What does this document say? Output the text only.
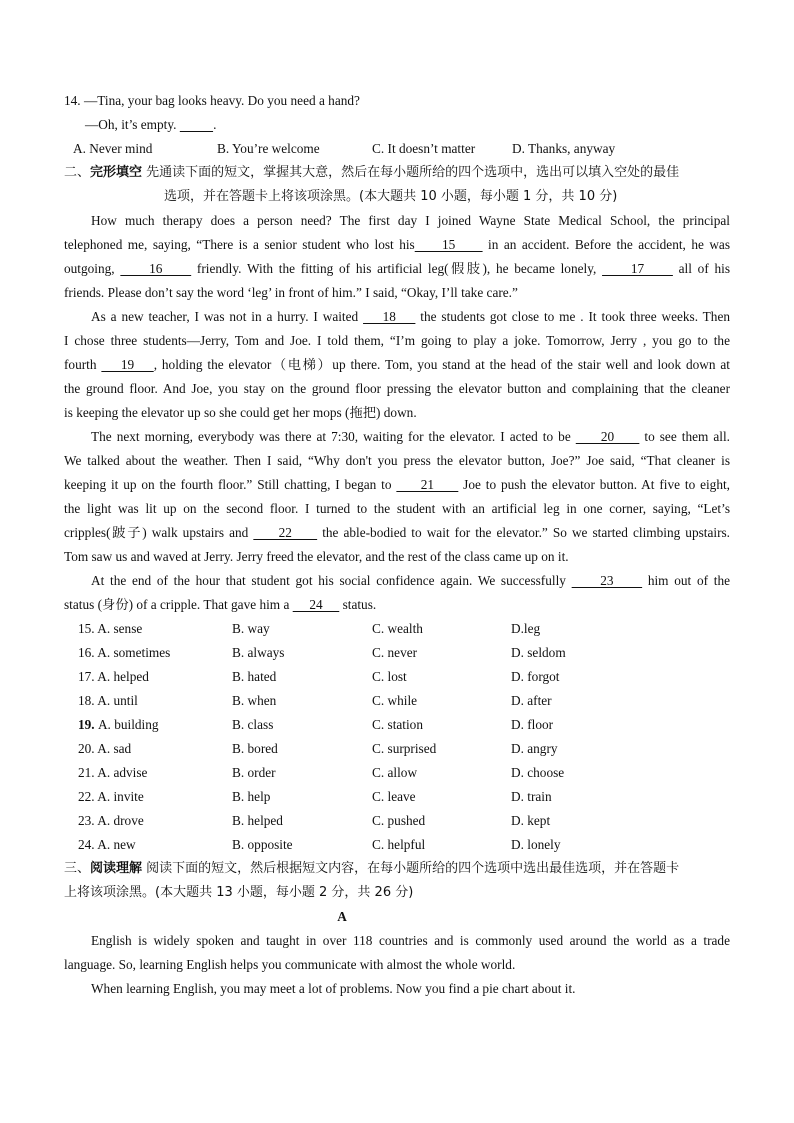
14. —Tina, your bag looks heavy. Do you need a hand?
—Oh, it’s empty.	.
A. Never mind	B. You’re welcome	C. It doesn’t matter	D. Thanks, anyway
二、完形填空 先通读下面的短文，掌握其大意，然后在每小题所给的四个选项中，选出可以填入空处的最佳
选项，并在答题卡上将该项涂黑。(本大题共 10 小题，每小题 1 分，共 10 分)
How much therapy does a person need? The first day I joined Wayne State Medical School, the principal
telephoned me, saying, “There is a senior student who lost his     15      in an accident. Before the accident, he was
outgoing,      16      friendly. With the fitting of his artificial leg(假肢), he became lonely,      17      all of his
friends. Please don’t say the word ‘leg’ in front of him.” I said, “Okay, I’ll take care.”
As a new teacher, I was not in a hurry. I waited     18     the students got close to me . It took three weeks. Then
I chose three students—Jerry, Tom and Joe. I told them, “I’m going to play a joke. Tomorrow, Jerry , you go to the
fourth     19    , holding the elevator（电梯）up there. Tom, you stand at the head of the stair well and look down at
the ground floor. And Joe, you stay on the ground floor pressing the elevator button and complaining that the cleaner
is keeping the elevator up so she could get her mops (拖把) down.
The next morning, everybody was there at 7:30, waiting for the elevator. I acted to be      20      to see them all.
We talked about the weather. Then I said, “Why don't you press the elevator button, Joe?” Joe said, “That cleaner is
keeping it up on the fourth floor.” Still chatting, I began to      21      Joe to push the elevator button. At five to eight,
the light was lit up on the second floor. I turned to the student with an artificial leg in one corner, saying, “Let’s
cripples(跛子) walk upstairs and      22      the able-bodied to wait for the elevator.” So we started climbing upstairs.
Tom saw us and waved at Jerry. Jerry freed the elevator, and the rest of the class came up on it.
At the end of the hour that student got his social confidence again. We successfully      23      him out of the
status (身份) of a cripple. That gave him a      24      status.
15. A. sense	B. way	C. wealth	D.leg
16. A. sometimes	B. always	C. never	D. seldom
17. A. helped	B. hated	C. lost	D. forgot
18. A. until	B. when	C. while	D. after
19. A. building	B. class	C. station	D. floor
20. A. sad	B. bored	C. surprised	D. angry
21. A. advise	B. order	C. allow	D. choose
22. A. invite	B. help	C. leave	D. train
23. A. drove	B. helped	C. pushed	D. kept
24. A. new	B. opposite	C. helpful	D. lonely
三、阅读理解 阅读下面的短文，然后根据短文内容，在每小题所给的四个选项中选出最佳选项，并在答题卡
上将该项涂黑。(本大题共 13 小题，每小题 2 分，共 26 分)
A
English is widely spoken and taught in over 118 countries and is commonly used around the world as a trade
language. So, learning English helps you communicate with almost the whole world.
When learning English, you may meet a lot of problems. Now you find a pie chart about it.
